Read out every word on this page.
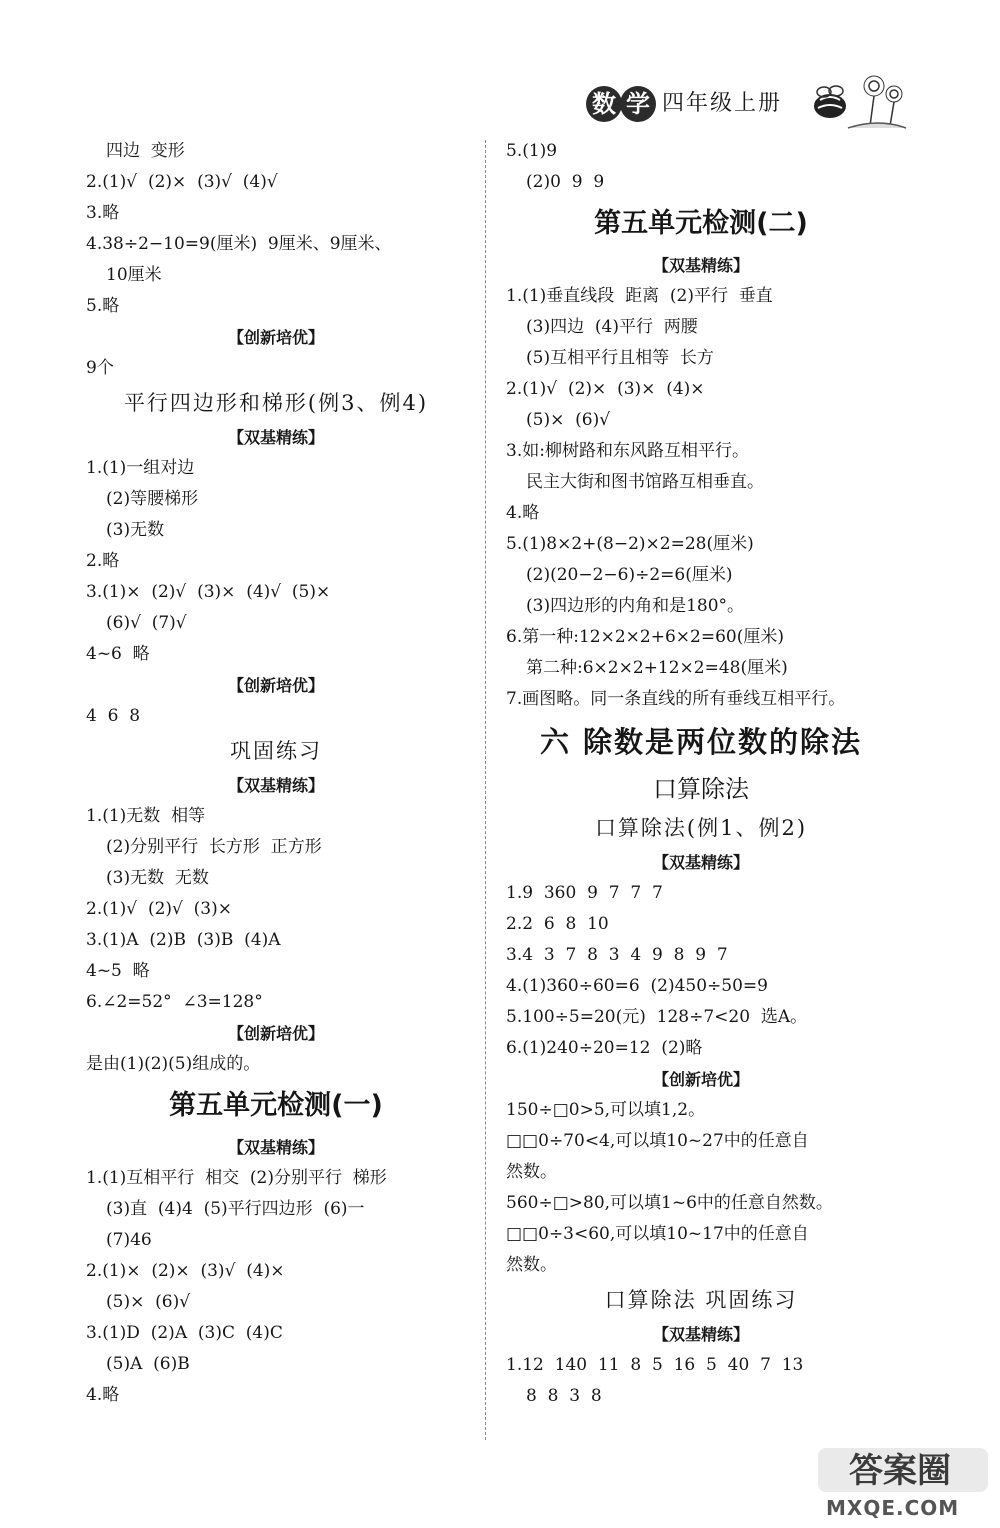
数 学 四年级上册
四边  变形
2.(1)√  (2)×  (3)√  (4)√
3.略
4.38÷2−10=9(厘米)  9厘米、9厘米、
10厘米
5.略
【创新培优】
9个
平行四边形和梯形(例3、例4)
【双基精练】
1.(1)一组对边
(2)等腰梯形
(3)无数
2.略
3.(1)×  (2)√  (3)×  (4)√  (5)×
(6)√  (7)√
4~6  略
【创新培优】
4  6  8
巩固练习
【双基精练】
1.(1)无数  相等
(2)分别平行  长方形  正方形
(3)无数  无数
2.(1)√  (2)√  (3)×
3.(1)A  (2)B  (3)B  (4)A
4~5  略
6.∠2=52°  ∠3=128°
【创新培优】
是由(1)(2)(5)组成的。
第五单元检测(一)
【双基精练】
1.(1)互相平行  相交  (2)分别平行  梯形
(3)直  (4)4  (5)平行四边形  (6)一
(7)46
2.(1)×  (2)×  (3)√  (4)×
(5)×  (6)√
3.(1)D  (2)A  (3)C  (4)C
(5)A  (6)B
4.略
5.(1)9
(2)0  9  9
第五单元检测(二)
【双基精练】
1.(1)垂直线段  距离  (2)平行  垂直
(3)四边  (4)平行  两腰
(5)互相平行且相等  长方
2.(1)√  (2)×  (3)×  (4)×
(5)×  (6)√
3.如:柳树路和东风路互相平行。
民主大街和图书馆路互相垂直。
4.略
5.(1)8×2+(8−2)×2=28(厘米)
(2)(20−2−6)÷2=6(厘米)
(3)四边形的内角和是180°。
6.第一种:12×2×2+6×2=60(厘米)
第二种:6×2×2+12×2=48(厘米)
7.画图略。同一条直线的所有垂线互相平行。
六 除数是两位数的除法
口算除法
口算除法(例1、例2)
【双基精练】
1.9  360  9  7  7  7
2.2  6  8  10
3.4  3  7  8  3  4  9  8  9  7
4.(1)360÷60=6  (2)450÷50=9
5.100÷5=20(元)  128÷7<20  选A。
6.(1)240÷20=12  (2)略
【创新培优】
150÷□0>5,可以填1,2。
□□0÷70<4,可以填10~27中的任意自
然数。
560÷□>80,可以填1~6中的任意自然数。
□□0÷3<60,可以填10~17中的任意自
然数。
口算除法 巩固练习
【双基精练】
1.12  140  11  8  5  16  5  40  7  13
8  8  3  8
答案圈
MXQE.COM
